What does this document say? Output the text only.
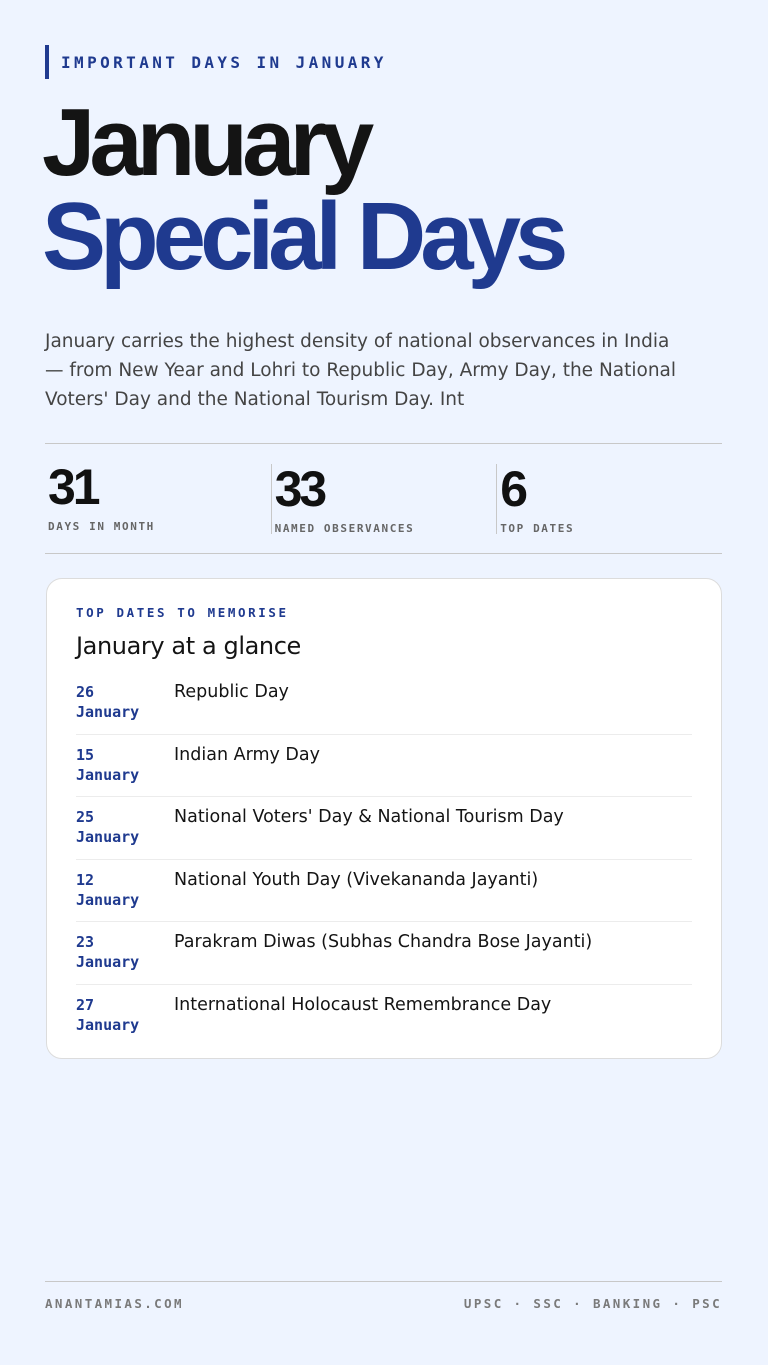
IMPORTANT DAYS IN JANUARY
January
Special Days

January carries the highest density of national observances in India — from New Year and Lohri to Republic Day, Army Day, the National Voters' Day and the National Tourism Day. Int

31
DAYS IN MONTH
33
NAMED OBSERVANCES
6
TOP DATES
TOP DATES TO MEMORISE
January at a glance
26
January
Republic Day
15
January
Indian Army Day
25
January
National Voters' Day & National Tourism Day
12
January
National Youth Day (Vivekananda Jayanti)
23
January
Parakram Diwas (Subhas Chandra Bose Jayanti)
27
January
International Holocaust Remembrance Day
ANANTAMIAS.COM	UPSC · SSC · BANKING · PSC
